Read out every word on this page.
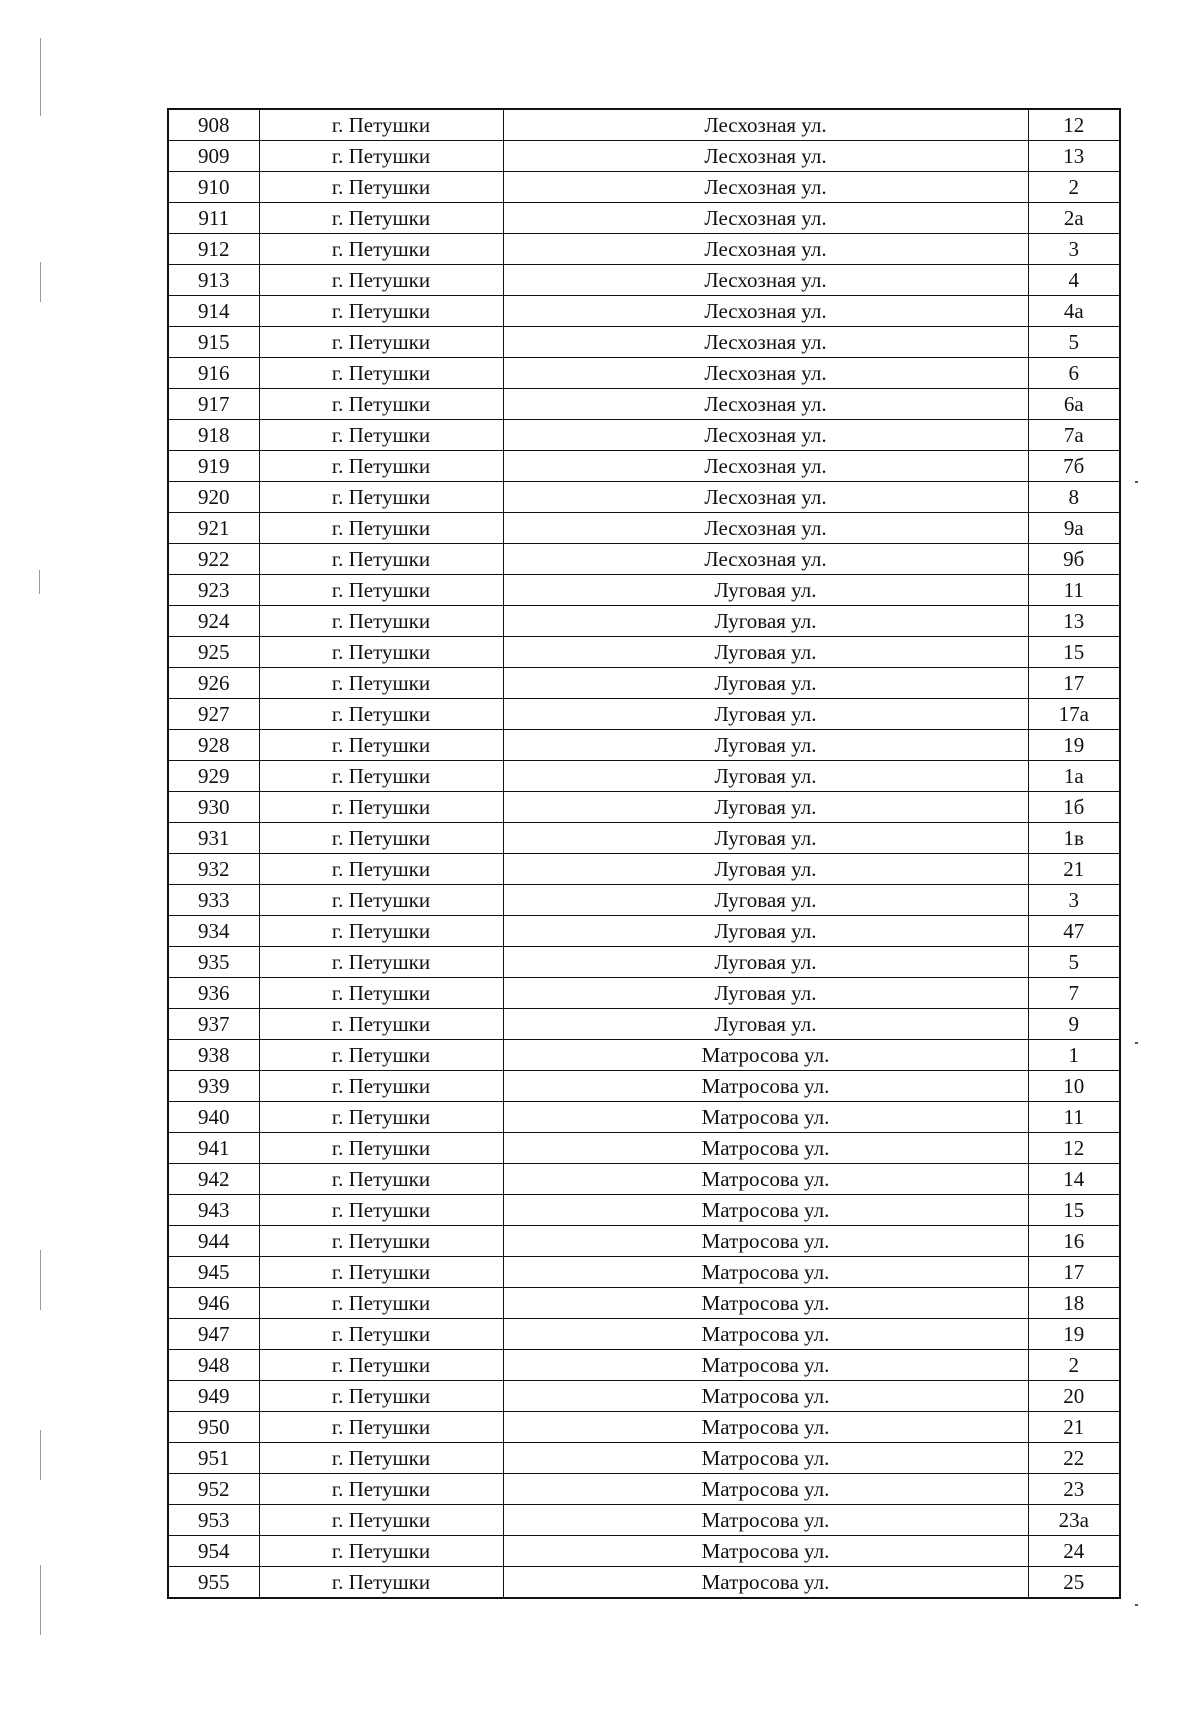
908	г. Петушки	Лесхозная ул.	12
909	г. Петушки	Лесхозная ул.	13
910	г. Петушки	Лесхозная ул.	2
911	г. Петушки	Лесхозная ул.	2а
912	г. Петушки	Лесхозная ул.	3
913	г. Петушки	Лесхозная ул.	4
914	г. Петушки	Лесхозная ул.	4а
915	г. Петушки	Лесхозная ул.	5
916	г. Петушки	Лесхозная ул.	6
917	г. Петушки	Лесхозная ул.	6а
918	г. Петушки	Лесхозная ул.	7а
919	г. Петушки	Лесхозная ул.	7б
920	г. Петушки	Лесхозная ул.	8
921	г. Петушки	Лесхозная ул.	9а
922	г. Петушки	Лесхозная ул.	9б
923	г. Петушки	Луговая ул.	11
924	г. Петушки	Луговая ул.	13
925	г. Петушки	Луговая ул.	15
926	г. Петушки	Луговая ул.	17
927	г. Петушки	Луговая ул.	17а
928	г. Петушки	Луговая ул.	19
929	г. Петушки	Луговая ул.	1а
930	г. Петушки	Луговая ул.	1б
931	г. Петушки	Луговая ул.	1в
932	г. Петушки	Луговая ул.	21
933	г. Петушки	Луговая ул.	3
934	г. Петушки	Луговая ул.	47
935	г. Петушки	Луговая ул.	5
936	г. Петушки	Луговая ул.	7
937	г. Петушки	Луговая ул.	9
938	г. Петушки	Матросова ул.	1
939	г. Петушки	Матросова ул.	10
940	г. Петушки	Матросова ул.	11
941	г. Петушки	Матросова ул.	12
942	г. Петушки	Матросова ул.	14
943	г. Петушки	Матросова ул.	15
944	г. Петушки	Матросова ул.	16
945	г. Петушки	Матросова ул.	17
946	г. Петушки	Матросова ул.	18
947	г. Петушки	Матросова ул.	19
948	г. Петушки	Матросова ул.	2
949	г. Петушки	Матросова ул.	20
950	г. Петушки	Матросова ул.	21
951	г. Петушки	Матросова ул.	22
952	г. Петушки	Матросова ул.	23
953	г. Петушки	Матросова ул.	23а
954	г. Петушки	Матросова ул.	24
955	г. Петушки	Матросова ул.	25
